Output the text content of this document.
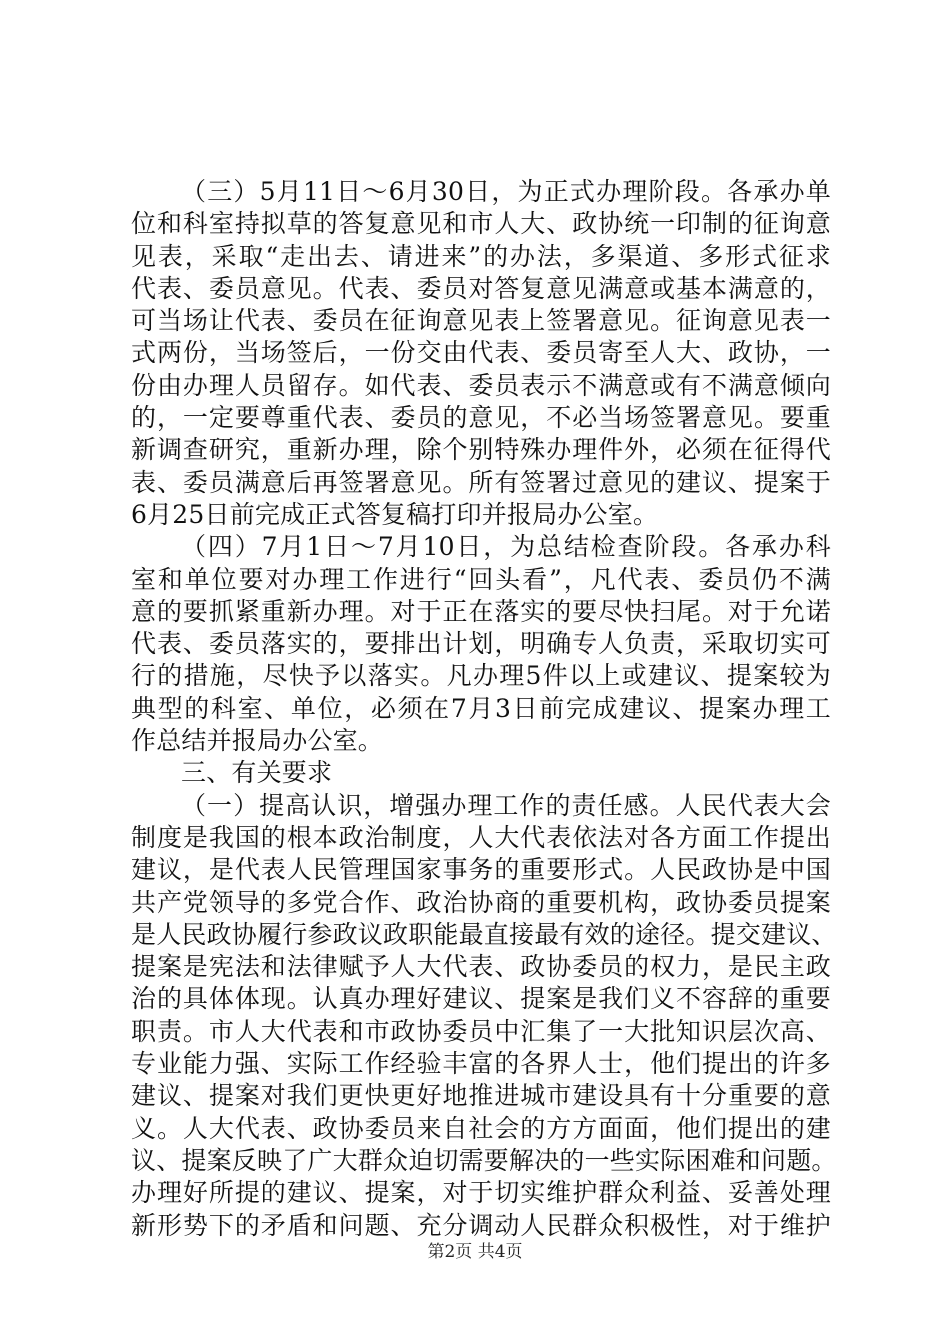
（三）5月11日～6月30日，为正式办理阶段。各承办单
位和科室持拟草的答复意见和市人大、政协统一印制的征询意
见表，采取“走出去、请进来”的办法，多渠道、多形式征求
代表、委员意见。代表、委员对答复意见满意或基本满意的，
可当场让代表、委员在征询意见表上签署意见。征询意见表一
式两份，当场签后，一份交由代表、委员寄至人大、政协，一
份由办理人员留存。如代表、委员表示不满意或有不满意倾向
的，一定要尊重代表、委员的意见，不必当场签署意见。要重
新调查研究，重新办理，除个别特殊办理件外，必须在征得代
表、委员满意后再签署意见。所有签署过意见的建议、提案于
6月25日前完成正式答复稿打印并报局办公室。
（四）7月1日～7月10日，为总结检查阶段。各承办科
室和单位要对办理工作进行“回头看”，凡代表、委员仍不满
意的要抓紧重新办理。对于正在落实的要尽快扫尾。对于允诺
代表、委员落实的，要排出计划，明确专人负责，采取切实可
行的措施，尽快予以落实。凡办理5件以上或建议、提案较为
典型的科室、单位，必须在7月3日前完成建议、提案办理工
作总结并报局办公室。
三、有关要求
（一）提高认识，增强办理工作的责任感。人民代表大会
制度是我国的根本政治制度，人大代表依法对各方面工作提出
建议，是代表人民管理国家事务的重要形式。人民政协是中国
共产党领导的多党合作、政治协商的重要机构，政协委员提案
是人民政协履行参政议政职能最直接最有效的途径。提交建议、
提案是宪法和法律赋予人大代表、政协委员的权力，是民主政
治的具体体现。认真办理好建议、提案是我们义不容辞的重要
职责。市人大代表和市政协委员中汇集了一大批知识层次高、
专业能力强、实际工作经验丰富的各界人士，他们提出的许多
建议、提案对我们更快更好地推进城市建设具有十分重要的意
义。人大代表、政协委员来自社会的方方面面，他们提出的建
议、提案反映了广大群众迫切需要解决的一些实际困难和问题。
办理好所提的建议、提案，对于切实维护群众利益、妥善处理
新形势下的矛盾和问题、充分调动人民群众积极性，对于维护
第2页 共4页
